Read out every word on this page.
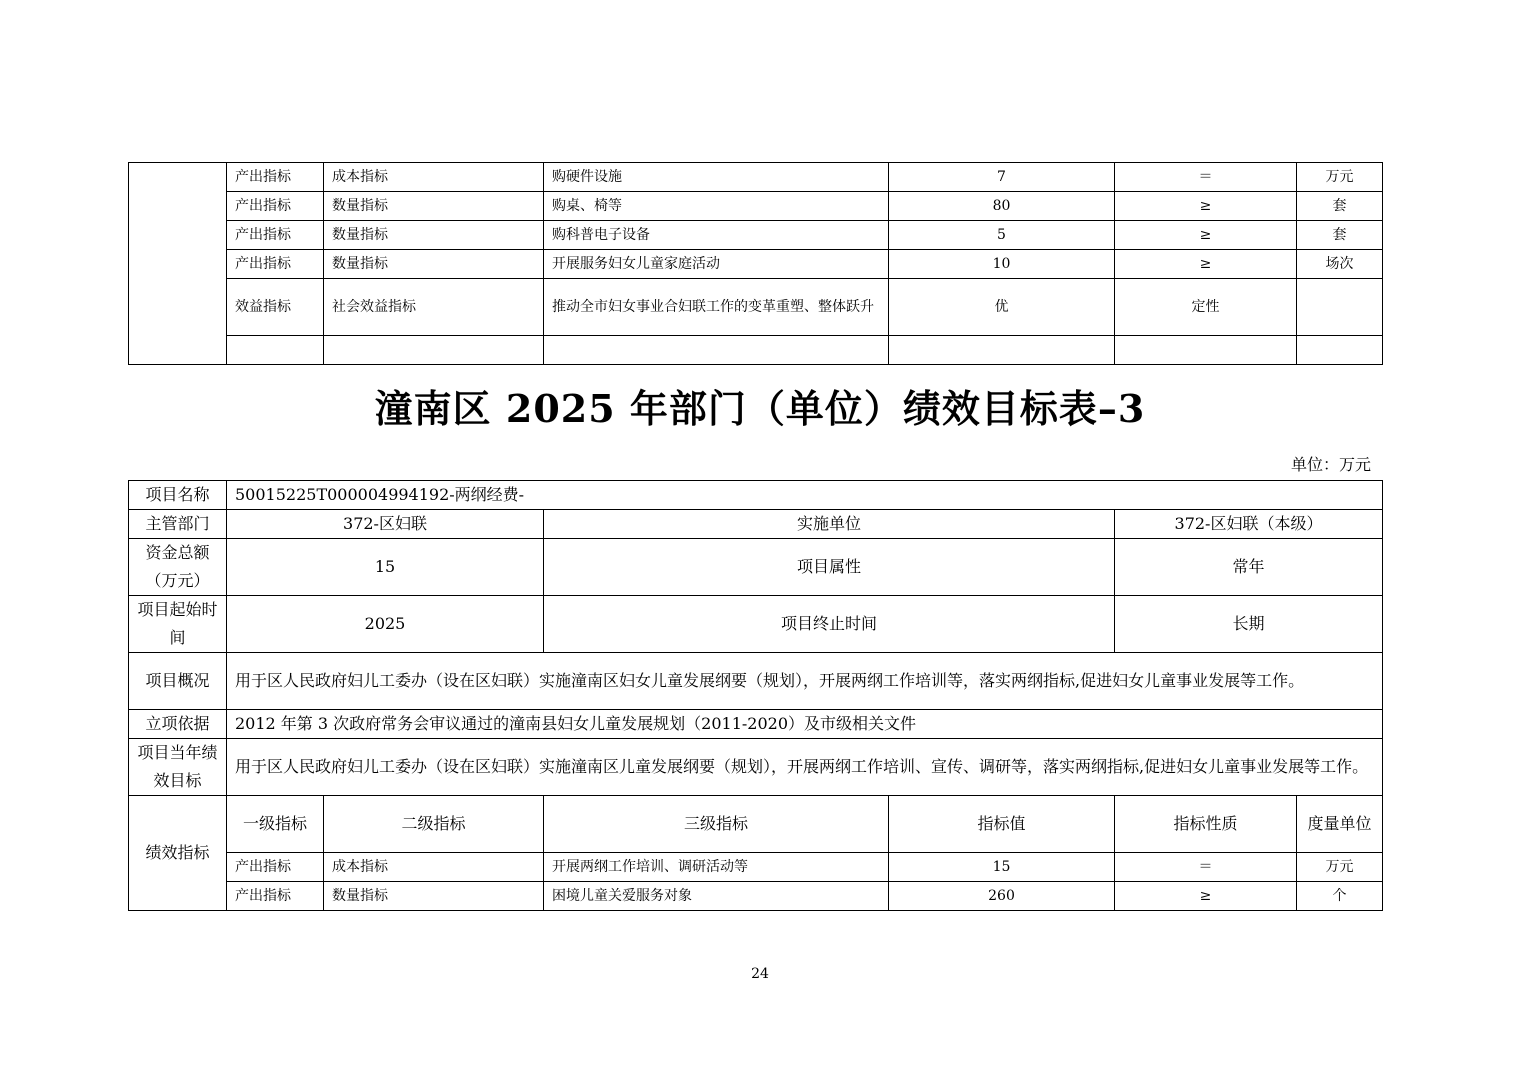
	产出指标	成本指标	购硬件设施	7	＝	万元
	产出指标	数量指标	购桌、椅等	80	≥	套
	产出指标	数量指标	购科普电子设备	5	≥	套
	产出指标	数量指标	开展服务妇女儿童家庭活动	10	≥	场次
	效益指标	社会效益指标	推动全市妇女事业合妇联工作的变革重塑、整体跃升	优	定性	

潼南区 2025 年部门（单位）绩效目标表–3
单位：万元
项目名称	50015225T000004994192-两纲经费-					
主管部门	372-区妇联		实施单位		372-区妇联（本级）	
资金总额（万元）	15		项目属性		常年	
项目起始时间	2025		项目终止时间		长期	
项目概况	用于区人民政府妇儿工委办（设在区妇联）实施潼南区妇女儿童发展纲要（规划），开展两纲工作培训等，落实两纲指标,促进妇女儿童事业发展等工作。					
立项依据	2012 年第 3 次政府常务会审议通过的潼南县妇女儿童发展规划（2011-2020）及市级相关文件					
项目当年绩效目标	用于区人民政府妇儿工委办（设在区妇联）实施潼南区儿童发展纲要（规划），开展两纲工作培训、宣传、调研等，落实两纲指标,促进妇女儿童事业发展等工作。					
绩效指标	一级指标	二级指标	三级指标	指标值	指标性质	度量单位
	产出指标	成本指标	开展两纲工作培训、调研活动等	15	＝	万元
	产出指标	数量指标	困境儿童关爱服务对象	260	≥	个
24
